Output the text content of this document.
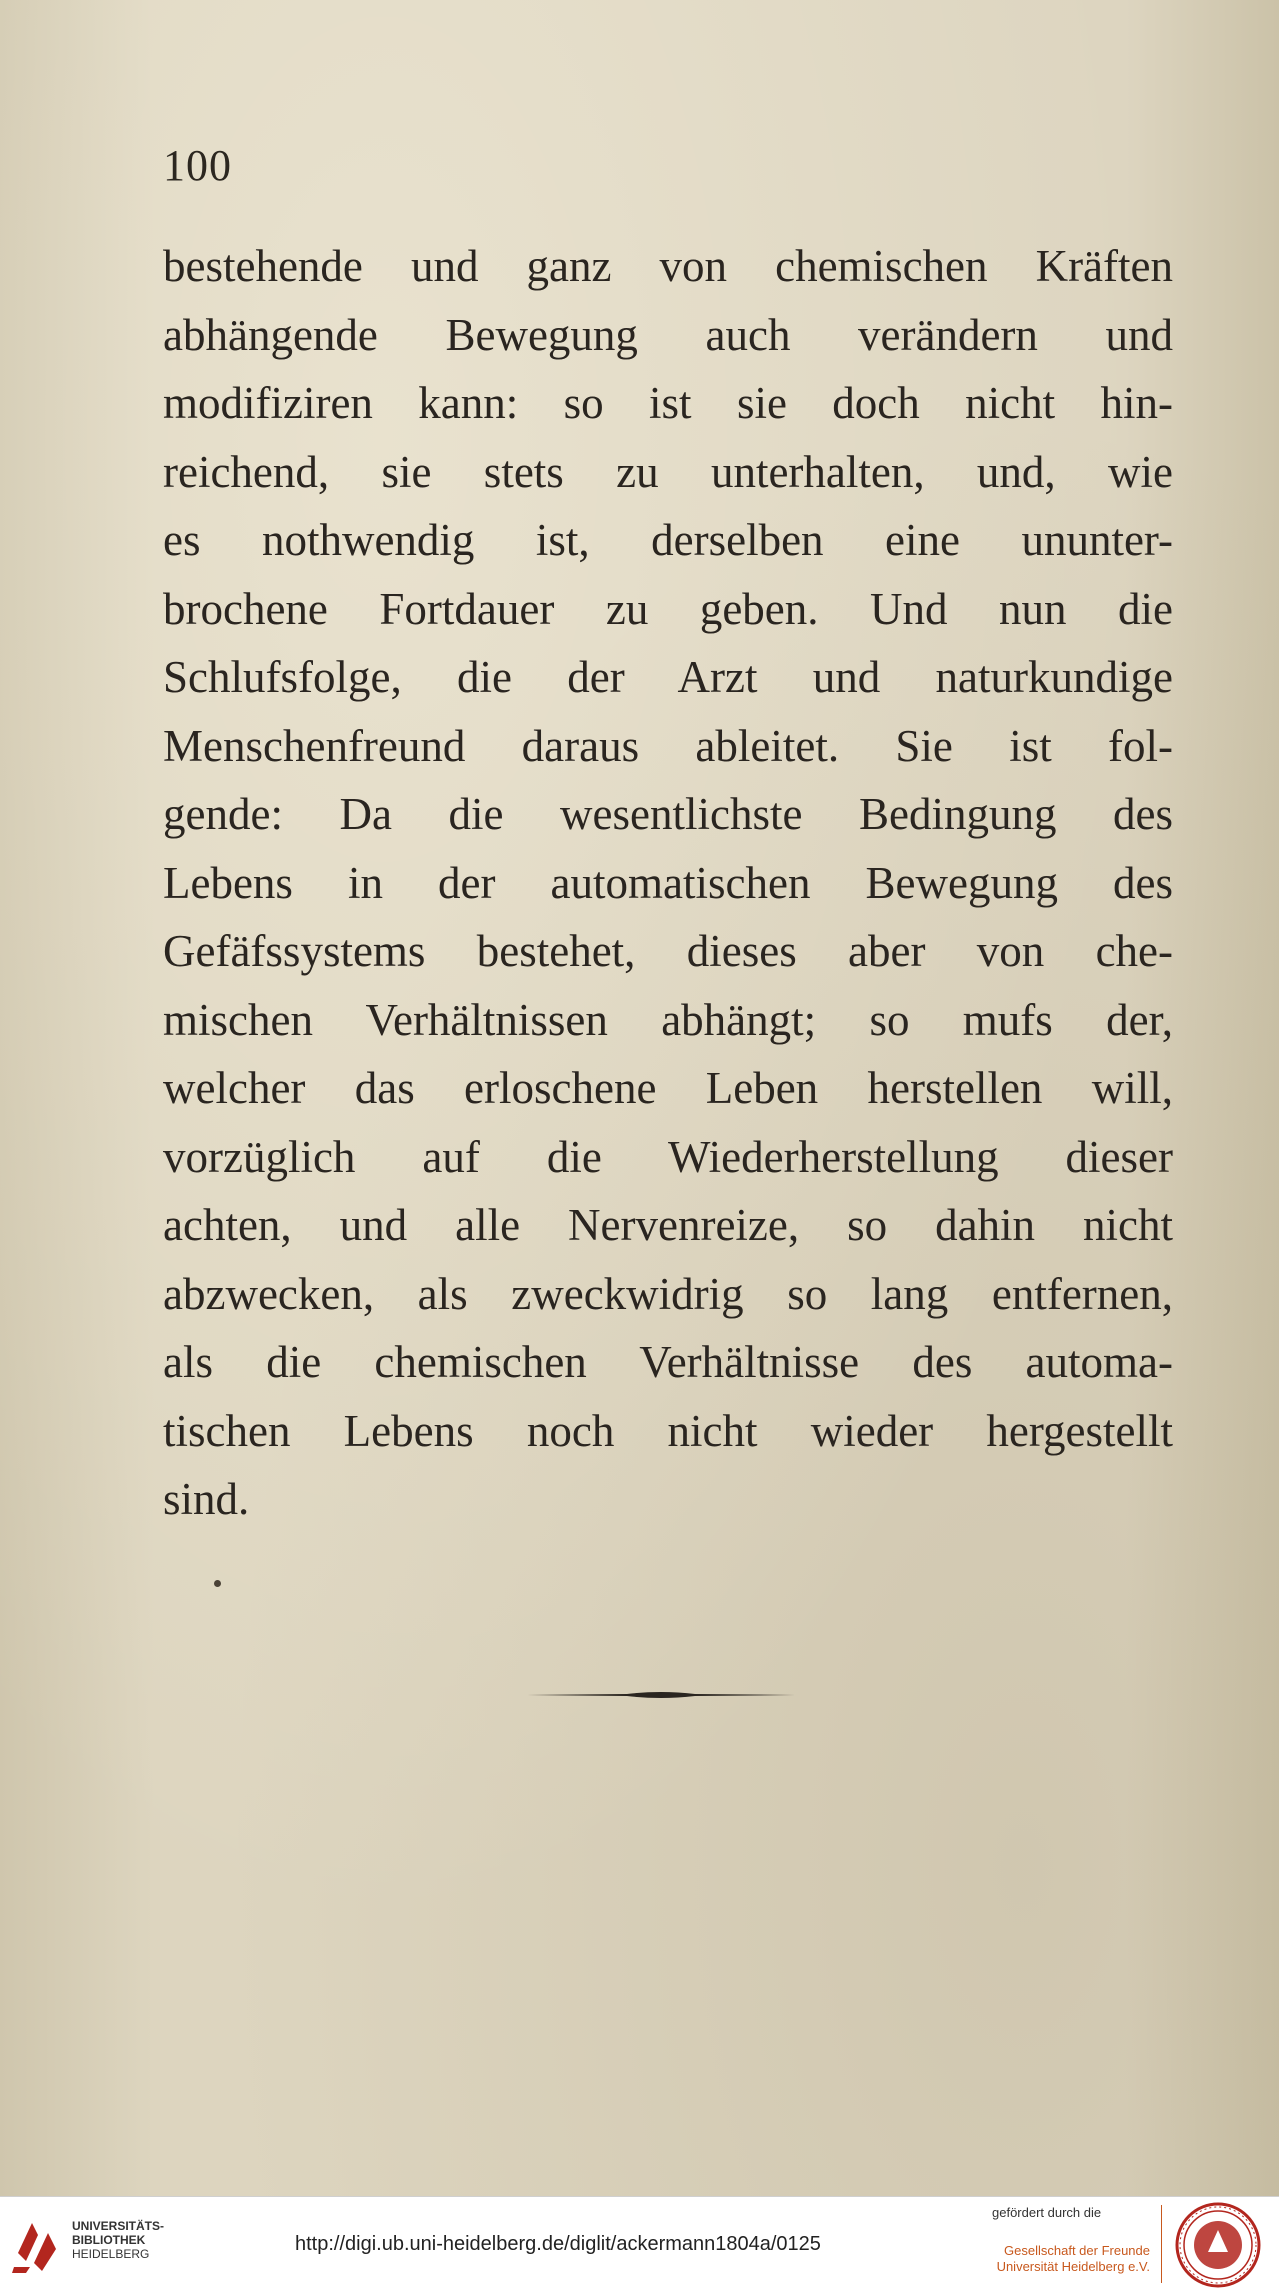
100

bestehende und ganz von chemischen Kräften
abhängende Bewegung auch verändern und
modifiziren kann: so ist sie doch nicht hin-
reichend, sie stets zu unterhalten, und, wie
es nothwendig ist, derselben eine ununter-
brochene Fortdauer zu geben. Und nun die
Schlufsfolge, die der Arzt und naturkundige
Menschenfreund daraus ableitet. Sie ist fol-
gende: Da die wesentlichste Bedingung des
Lebens in der automatischen Bewegung des
Gefäfssystems bestehet, dieses aber von che-
mischen Verhältnissen abhängt; so mufs der,
welcher das erloschene Leben herstellen will,
vorzüglich auf die Wiederherstellung dieser
achten, und alle Nervenreize, so dahin nicht
abzwecken, als zweckwidrig so lang entfernen,
als die chemischen Verhältnisse des automa-
tischen Lebens noch nicht wieder hergestellt
sind.
UNIVERSITÄTS-
BIBLIOTHEK
HEIDELBERG	http://digi.ub.uni-heidelberg.de/diglit/ackermann1804a/0125
gefördert durch die
Gesellschaft der Freunde
Universität Heidelberg e.V.
